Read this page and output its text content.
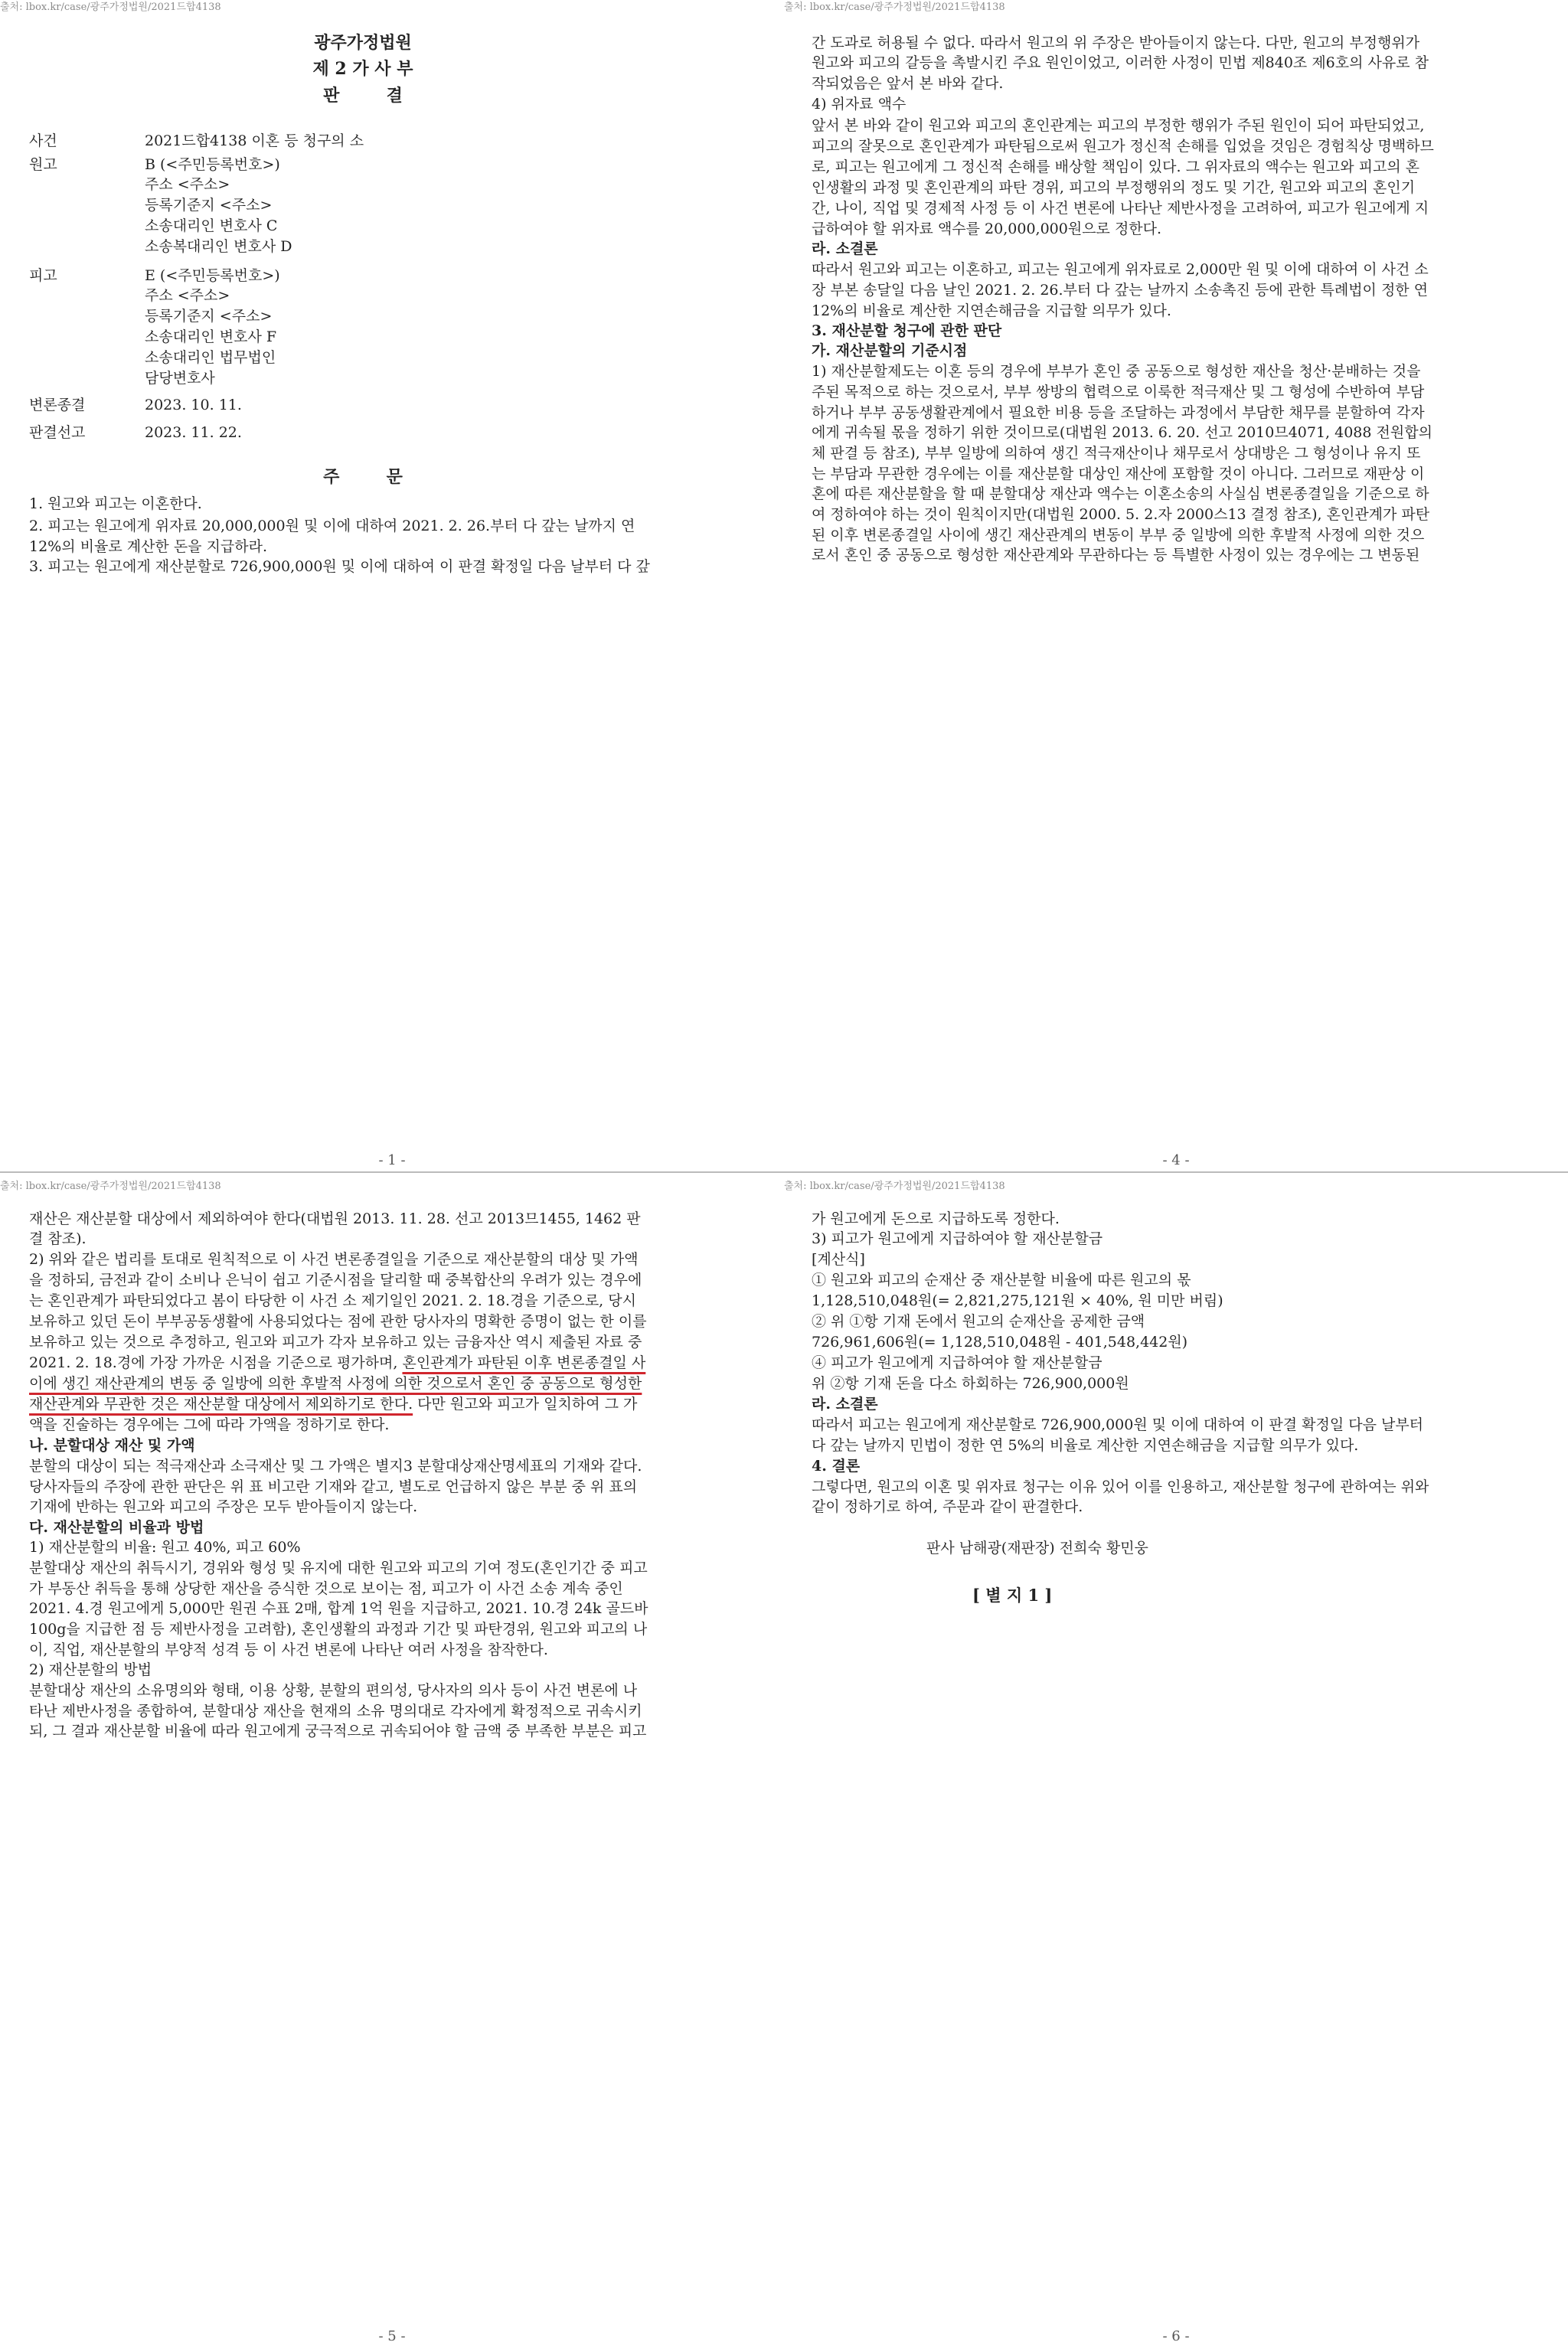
출처: lbox.kr/case/광주가정법원/2021드합4138
광주가정법원
제 2 가 사 부
판        결
사건	2021드합4138 이혼 등 청구의 소
원고	B (<주민등록번호>)
주소 <주소>
등록기준지 <주소>
소송대리인 변호사 C
소송복대리인 변호사 D
피고	E (<주민등록번호>)
주소 <주소>
등록기준지 <주소>
소송대리인 변호사 F
소송대리인 법무법인
담당변호사
변론종결	2023. 10. 11.
판결선고	2023. 11. 22.
주        문
1. 원고와 피고는 이혼한다.
2. 피고는 원고에게 위자료 20,000,000원 및 이에 대하여 2021. 2. 26.부터 다 갚는 날까지 연
12%의 비율로 계산한 돈을 지급하라.
3. 피고는 원고에게 재산분할로 726,900,000원 및 이에 대하여 이 판결 확정일 다음 날부터 다 갚
- 1 -
출처: lbox.kr/case/광주가정법원/2021드합4138
간 도과로 허용될 수 없다. 따라서 원고의 위 주장은 받아들이지 않는다. 다만, 원고의 부정행위가
원고와 피고의 갈등을 촉발시킨 주요 원인이었고, 이러한 사정이 민법 제840조 제6호의 사유로 참
작되었음은 앞서 본 바와 같다.
4) 위자료 액수
앞서 본 바와 같이 원고와 피고의 혼인관계는 피고의 부정한 행위가 주된 원인이 되어 파탄되었고,
피고의 잘못으로 혼인관계가 파탄됨으로써 원고가 정신적 손해를 입었을 것임은 경험칙상 명백하므
로, 피고는 원고에게 그 정신적 손해를 배상할 책임이 있다. 그 위자료의 액수는 원고와 피고의 혼
인생활의 과정 및 혼인관계의 파탄 경위, 피고의 부정행위의 정도 및 기간, 원고와 피고의 혼인기
간, 나이, 직업 및 경제적 사정 등 이 사건 변론에 나타난 제반사정을 고려하여, 피고가 원고에게 지
급하여야 할 위자료 액수를 20,000,000원으로 정한다.
라. 소결론
따라서 원고와 피고는 이혼하고, 피고는 원고에게 위자료로 2,000만 원 및 이에 대하여 이 사건 소
장 부본 송달일 다음 날인 2021. 2. 26.부터 다 갚는 날까지 소송촉진 등에 관한 특례법이 정한 연
12%의 비율로 계산한 지연손해금을 지급할 의무가 있다.
3. 재산분할 청구에 관한 판단
가. 재산분할의 기준시점
1) 재산분할제도는 이혼 등의 경우에 부부가 혼인 중 공동으로 형성한 재산을 청산·분배하는 것을
주된 목적으로 하는 것으로서, 부부 쌍방의 협력으로 이룩한 적극재산 및 그 형성에 수반하여 부담
하거나 부부 공동생활관계에서 필요한 비용 등을 조달하는 과정에서 부담한 채무를 분할하여 각자
에게 귀속될 몫을 정하기 위한 것이므로(대법원 2013. 6. 20. 선고 2010므4071, 4088 전원합의
체 판결 등 참조), 부부 일방에 의하여 생긴 적극재산이나 채무로서 상대방은 그 형성이나 유지 또
는 부담과 무관한 경우에는 이를 재산분할 대상인 재산에 포함할 것이 아니다. 그러므로 재판상 이
혼에 따른 재산분할을 할 때 분할대상 재산과 액수는 이혼소송의 사실심 변론종결일을 기준으로 하
여 정하여야 하는 것이 원칙이지만(대법원 2000. 5. 2.자 2000스13 결정 참조), 혼인관계가 파탄
된 이후 변론종결일 사이에 생긴 재산관계의 변동이 부부 중 일방에 의한 후발적 사정에 의한 것으
로서 혼인 중 공동으로 형성한 재산관계와 무관하다는 등 특별한 사정이 있는 경우에는 그 변동된
- 4 -
재산은 재산분할 대상에서 제외하여야 한다(대법원 2013. 11. 28. 선고 2013므1455, 1462 판
결 참조).
2) 위와 같은 법리를 토대로 원칙적으로 이 사건 변론종결일을 기준으로 재산분할의 대상 및 가액
을 정하되, 금전과 같이 소비나 은닉이 쉽고 기준시점을 달리할 때 중복합산의 우려가 있는 경우에
는 혼인관계가 파탄되었다고 봄이 타당한 이 사건 소 제기일인 2021. 2. 18.경을 기준으로, 당시
보유하고 있던 돈이 부부공동생활에 사용되었다는 점에 관한 당사자의 명확한 증명이 없는 한 이를
보유하고 있는 것으로 추정하고, 원고와 피고가 각자 보유하고 있는 금융자산 역시 제출된 자료 중
2021. 2. 18.경에 가장 가까운 시점을 기준으로 평가하며, 혼인관계가 파탄된 이후 변론종결일 사
이에 생긴 재산관계의 변동 중 일방에 의한 후발적 사정에 의한 것으로서 혼인 중 공동으로 형성한
재산관계와 무관한 것은 재산분할 대상에서 제외하기로 한다. 다만 원고와 피고가 일치하여 그 가
액을 진술하는 경우에는 그에 따라 가액을 정하기로 한다.
나. 분할대상 재산 및 가액
분할의 대상이 되는 적극재산과 소극재산 및 그 가액은 별지3 분할대상재산명세표의 기재와 같다.
당사자들의 주장에 관한 판단은 위 표 비고란 기재와 같고, 별도로 언급하지 않은 부분 중 위 표의
기재에 반하는 원고와 피고의 주장은 모두 받아들이지 않는다.
다. 재산분할의 비율과 방법
1) 재산분할의 비율: 원고 40%, 피고 60%
분할대상 재산의 취득시기, 경위와 형성 및 유지에 대한 원고와 피고의 기여 정도(혼인기간 중 피고
가 부동산 취득을 통해 상당한 재산을 증식한 것으로 보이는 점, 피고가 이 사건 소송 계속 중인
2021. 4.경 원고에게 5,000만 원권 수표 2매, 합계 1억 원을 지급하고, 2021. 10.경 24k 골드바
100g을 지급한 점 등 제반사정을 고려함), 혼인생활의 과정과 기간 및 파탄경위, 원고와 피고의 나
이, 직업, 재산분할의 부양적 성격 등 이 사건 변론에 나타난 여러 사정을 참작한다.
2) 재산분할의 방법
분할대상 재산의 소유명의와 형태, 이용 상황, 분할의 편의성, 당사자의 의사 등이 사건 변론에 나
타난 제반사정을 종합하여, 분할대상 재산을 현재의 소유 명의대로 각자에게 확정적으로 귀속시키
되, 그 결과 재산분할 비율에 따라 원고에게 궁극적으로 귀속되어야 할 금액 중 부족한 부분은 피고
- 5 -
가 원고에게 돈으로 지급하도록 정한다.
3) 피고가 원고에게 지급하여야 할 재산분할금
[계산식]
① 원고와 피고의 순재산 중 재산분할 비율에 따른 원고의 몫
1,128,510,048원(= 2,821,275,121원 × 40%, 원 미만 버림)
② 위 ①항 기재 돈에서 원고의 순재산을 공제한 금액
726,961,606원(= 1,128,510,048원 - 401,548,442원)
④ 피고가 원고에게 지급하여야 할 재산분할금
위 ②항 기재 돈을 다소 하회하는 726,900,000원
라. 소결론
따라서 피고는 원고에게 재산분할로 726,900,000원 및 이에 대하여 이 판결 확정일 다음 날부터
다 갚는 날까지 민법이 정한 연 5%의 비율로 계산한 지연손해금을 지급할 의무가 있다.
4. 결론
그렇다면, 원고의 이혼 및 위자료 청구는 이유 있어 이를 인용하고, 재산분할 청구에 관하여는 위와
같이 정하기로 하여, 주문과 같이 판결한다.
판사 남해광(재판장) 전희숙 황민웅
[ 별 지 1 ]
- 6 -
출처: lbox.kr/case/광주가정법원/2021드합4138	출처: lbox.kr/case/광주가정법원/2021드합4138
